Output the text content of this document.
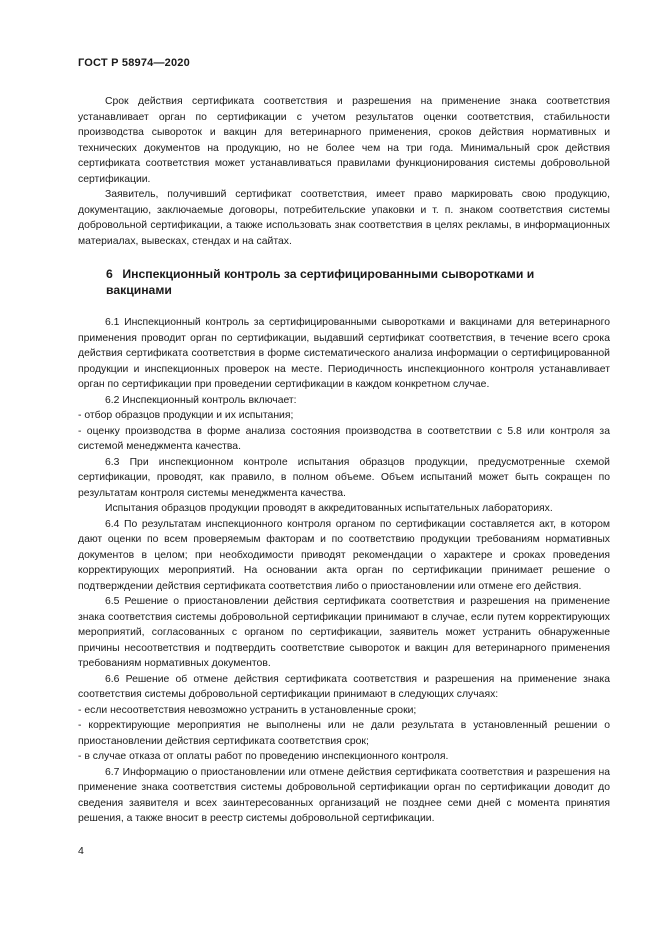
ГОСТ Р 58974—2020

Срок действия сертификата соответствия и разрешения на применение знака соответствия устанавливает орган по сертификации с учетом результатов оценки соответствия, стабильности производства сывороток и вакцин для ветеринарного применения, сроков действия нормативных и технических документов на продукцию, но не более чем на три года. Минимальный срок действия сертификата соответствия может устанавливаться правилами функционирования системы добровольной сертификации.

Заявитель, получивший сертификат соответствия, имеет право маркировать свою продукцию, документацию, заключаемые договоры, потребительские упаковки и т. п. знаком соответствия системы добровольной сертификации, а также использовать знак соответствия в целях рекламы, в информационных материалах, вывесках, стендах и на сайтах.

6 Инспекционный контроль за сертифицированными сыворотками и вакцинами

6.1 Инспекционный контроль за сертифицированными сыворотками и вакцинами для ветеринарного применения проводит орган по сертификации, выдавший сертификат соответствия, в течение всего срока действия сертификата соответствия в форме систематического анализа информации о сертифицированной продукции и инспекционных проверок на месте. Периодичность инспекционного контроля устанавливает орган по сертификации при проведении сертификации в каждом конкретном случае.

6.2 Инспекционный контроль включает:

- отбор образцов продукции и их испытания;

- оценку производства в форме анализа состояния производства в соответствии с 5.8 или контроля за системой менеджмента качества.

6.3 При инспекционном контроле испытания образцов продукции, предусмотренные схемой сертификации, проводят, как правило, в полном объеме. Объем испытаний может быть сокращен по результатам контроля системы менеджмента качества.

Испытания образцов продукции проводят в аккредитованных испытательных лабораториях.

6.4 По результатам инспекционного контроля органом по сертификации составляется акт, в котором дают оценки по всем проверяемым факторам и по соответствию продукции требованиям нормативных документов в целом; при необходимости приводят рекомендации о характере и сроках проведения корректирующих мероприятий. На основании акта орган по сертификации принимает решение о подтверждении действия сертификата соответствия либо о приостановлении или отмене его действия.

6.5 Решение о приостановлении действия сертификата соответствия и разрешения на применение знака соответствия системы добровольной сертификации принимают в случае, если путем корректирующих мероприятий, согласованных с органом по сертификации, заявитель может устранить обнаруженные причины несоответствия и подтвердить соответствие сывороток и вакцин для ветеринарного применения требованиям нормативных документов.

6.6 Решение об отмене действия сертификата соответствия и разрешения на применение знака соответствия системы добровольной сертификации принимают в следующих случаях:

- если несоответствия невозможно устранить в установленные сроки;

- корректирующие мероприятия не выполнены или не дали результата в установленный решении о приостановлении действия сертификата соответствия срок;

- в случае отказа от оплаты работ по проведению инспекционного контроля.

6.7 Информацию о приостановлении или отмене действия сертификата соответствия и разрешения на применение знака соответствия системы добровольной сертификации орган по сертификации доводит до сведения заявителя и всех заинтересованных организаций не позднее семи дней с момента принятия решения, а также вносит в реестр системы добровольной сертификации.

4
